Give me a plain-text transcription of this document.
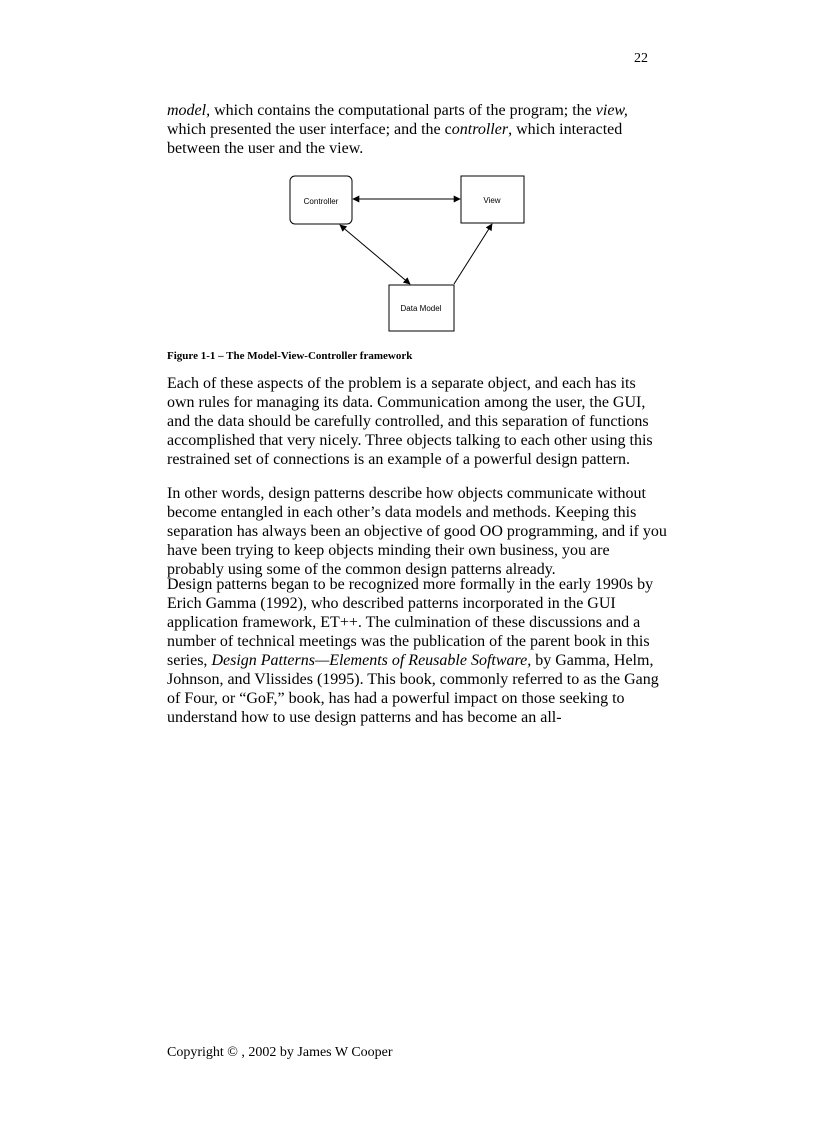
22

model, which contains the computational parts of the program; the view, which presented the user interface; and the controller, which interacted between the user and the view.

Controller	View
Data Model
Figure 1-1 – The Model-View-Controller framework

Each of these aspects of the problem is a separate object, and each has its own rules for managing its data. Communication among the user, the GUI, and the data should be carefully controlled, and this separation of functions accomplished that very nicely. Three objects talking to each other using this restrained set of connections is an example of a powerful design pattern.

In other words, design patterns describe how objects communicate without become entangled in each other’s data models and methods. Keeping this separation has always been an objective of good OO programming, and if you have been trying to keep objects minding their own business, you are probably using some of the common design patterns already.

Design patterns began to be recognized more formally in the early 1990s by Erich Gamma (1992), who described patterns incorporated in the GUI application framework, ET++. The culmination of these discussions and a number of technical meetings was the publication of the parent book in this series, Design Patterns—Elements of Reusable Software, by Gamma, Helm, Johnson, and Vlissides (1995). This book, commonly referred to as the Gang of Four, or “GoF,” book, has had a powerful impact on those seeking to understand how to use design patterns and has become an all-

Copyright © , 2002 by James W Cooper
